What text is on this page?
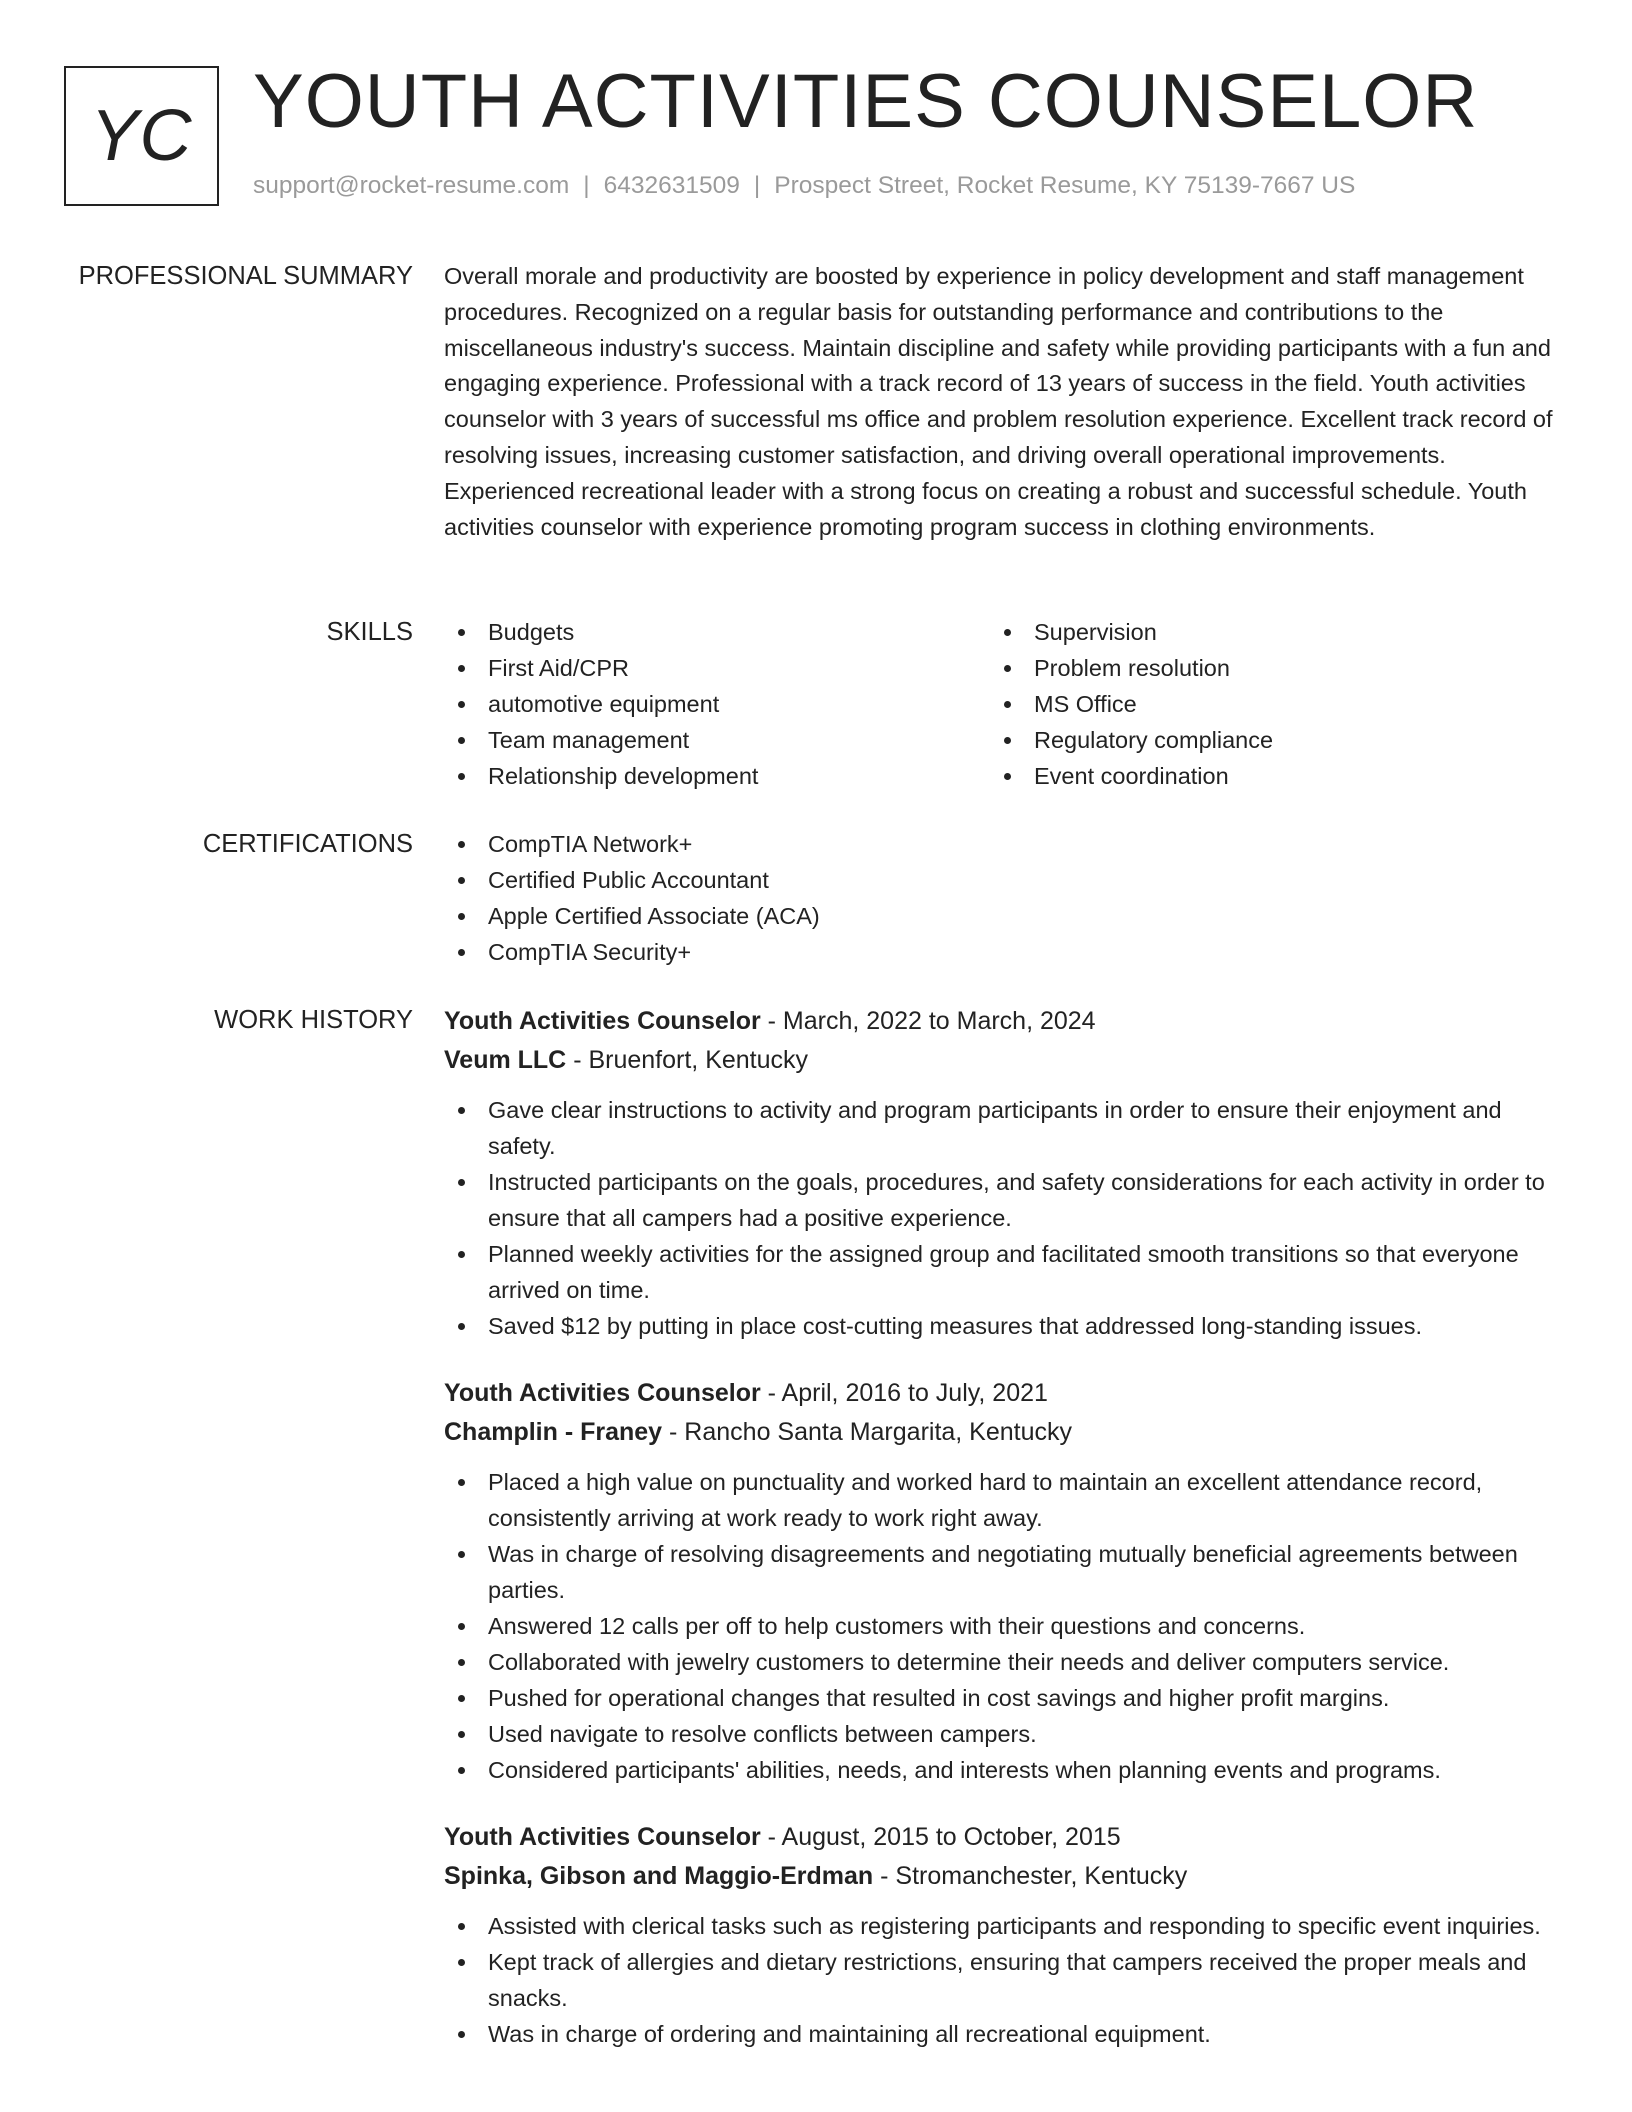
YC YOUTH ACTIVITIES COUNSELOR
support@rocket-resume.com | 6432631509 | Prospect Street, Rocket Resume, KY 75139-7667 US
PROFESSIONAL SUMMARY Overall morale and productivity are boosted by experience in policy development and staff management procedures. Recognized on a regular basis for outstanding performance and contributions to the miscellaneous industry's success. Maintain discipline and safety while providing participants with a fun and engaging experience. Professional with a track record of 13 years of success in the field. Youth activities counselor with 3 years of successful ms office and problem resolution experience. Excellent track record of resolving issues, increasing customer satisfaction, and driving overall operational improvements. Experienced recreational leader with a strong focus on creating a robust and successful schedule. Youth activities counselor with experience promoting program success in clothing environments.

SKILLS	Budgets
First Aid/CPR
automotive equipment
Team management
Relationship development
Supervision
Problem resolution
MS Office
Regulatory compliance
Event coordination
CERTIFICATIONS	CompTIA Network+
Certified Public Accountant
Apple Certified Associate (ACA)
CompTIA Security+
WORK HISTORY Youth Activities Counselor - March, 2022 to March, 2024
Veum LLC - Bruenfort, Kentucky
Gave clear instructions to activity and program participants in order to ensure their enjoyment and safety.
Instructed participants on the goals, procedures, and safety considerations for each activity in order to ensure that all campers had a positive experience.
Planned weekly activities for the assigned group and facilitated smooth transitions so that everyone arrived on time.
Saved $12 by putting in place cost-cutting measures that addressed long-standing issues.
Youth Activities Counselor - April, 2016 to July, 2021
Champlin - Franey - Rancho Santa Margarita, Kentucky
Placed a high value on punctuality and worked hard to maintain an excellent attendance record, consistently arriving at work ready to work right away.
Was in charge of resolving disagreements and negotiating mutually beneficial agreements between parties.
Answered 12 calls per off to help customers with their questions and concerns.
Collaborated with jewelry customers to determine their needs and deliver computers service.
Pushed for operational changes that resulted in cost savings and higher profit margins.
Used navigate to resolve conflicts between campers.
Considered participants' abilities, needs, and interests when planning events and programs.
Youth Activities Counselor - August, 2015 to October, 2015
Spinka, Gibson and Maggio-Erdman - Stromanchester, Kentucky
Assisted with clerical tasks such as registering participants and responding to specific event inquiries.
Kept track of allergies and dietary restrictions, ensuring that campers received the proper meals and snacks.
Was in charge of ordering and maintaining all recreational equipment.
